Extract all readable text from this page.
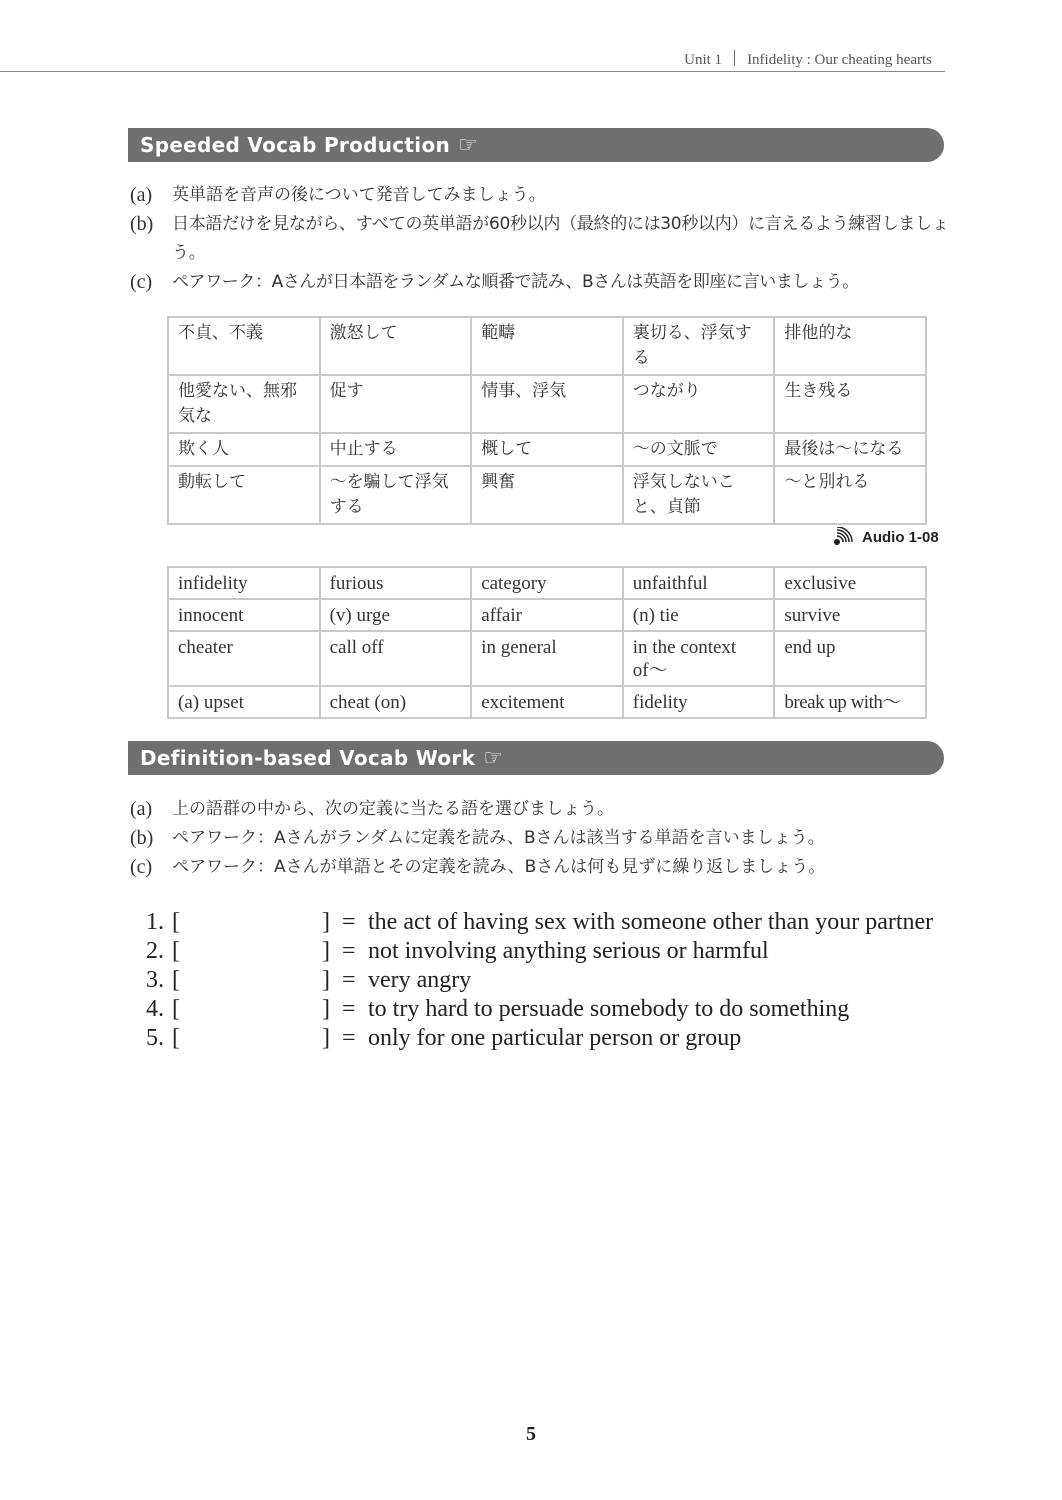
Unit 1 Infidelity : Our cheating hearts
Speeded Vocab Production ☞
(a)	英単語を音声の後について発音してみましょう。
(b)	日本語だけを見ながら、すべての英単語が60秒以内（最終的には30秒以内）に言えるよう練習しましょう。
(c)	ペアワーク：Aさんが日本語をランダムな順番で読み、Bさんは英語を即座に言いましょう。
不貞、不義	激怒して	範疇	裏切る、浮気する	排他的な
他愛ない、無邪気な	促す	情事、浮気	つながり	生き残る
欺く人	中止する	概して	〜の文脈で	最後は〜になる
動転して	〜を騙して浮気する	興奮	浮気しないこと、貞節	〜と別れる
Audio 1-08
infidelity	furious	category	unfaithful	exclusive
innocent	(v) urge	affair	(n) tie	survive
cheater	call off	in general	in the context of〜	end up
(a) upset	cheat (on)	excitement	fidelity	break up with〜
Definition-based Vocab Work ☞
(a)	上の語群の中から、次の定義に当たる語を選びましょう。
(b)	ペアワーク：Aさんがランダムに定義を読み、Bさんは該当する単語を言いましょう。
(c)	ペアワーク：Aさんが単語とその定義を読み、Bさんは何も見ずに繰り返しましょう。
1. [	] = the act of having sex with someone other than your partner
2. [	] = not involving anything serious or harmful
3. [	] = very angry
4. [	] = to try hard to persuade somebody to do something
5. [	] = only for one particular person or group
5
